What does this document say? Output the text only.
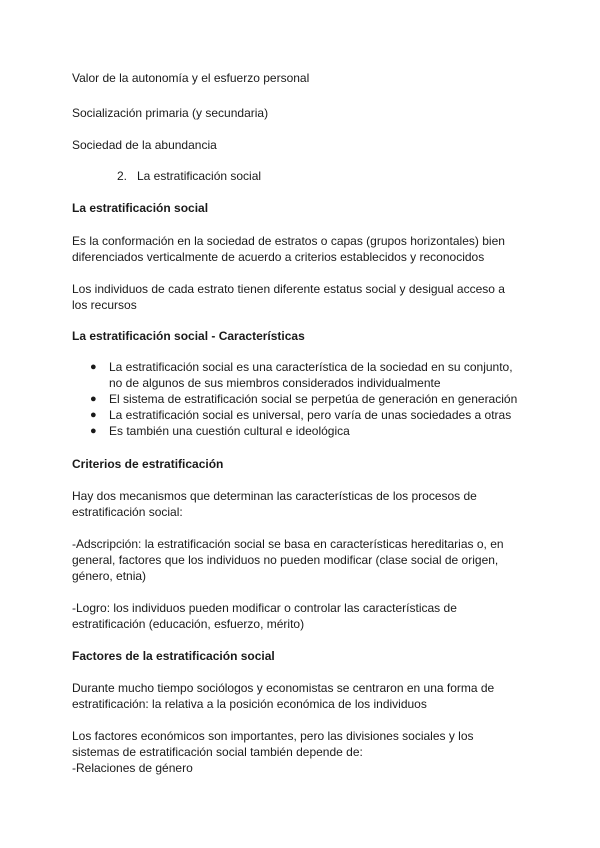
Valor de la autonomía y el esfuerzo personal
Socialización primaria (y secundaria)
Sociedad de la abundancia
2. La estratificación social
La estratificación social
Es la conformación en la sociedad de estratos o capas (grupos horizontales) bien
diferenciados verticalmente de acuerdo a criterios establecidos y reconocidos
Los individuos de cada estrato tienen diferente estatus social y desigual acceso a
los recursos
La estratificación social - Características
● La estratificación social es una característica de la sociedad en su conjunto,
no de algunos de sus miembros considerados individualmente
● El sistema de estratificación social se perpetúa de generación en generación
● La estratificación social es universal, pero varía de unas sociedades a otras
● Es también una cuestión cultural e ideológica
Criterios de estratificación
Hay dos mecanismos que determinan las características de los procesos de
estratificación social:
-Adscripción: la estratificación social se basa en características hereditarias o, en
general, factores que los individuos no pueden modificar (clase social de origen,
género, etnia)
-Logro: los individuos pueden modificar o controlar las características de
estratificación (educación, esfuerzo, mérito)
Factores de la estratificación social
Durante mucho tiempo sociólogos y economistas se centraron en una forma de
estratificación: la relativa a la posición económica de los individuos
Los factores económicos son importantes, pero las divisiones sociales y los
sistemas de estratificación social también depende de:
-Relaciones de género
